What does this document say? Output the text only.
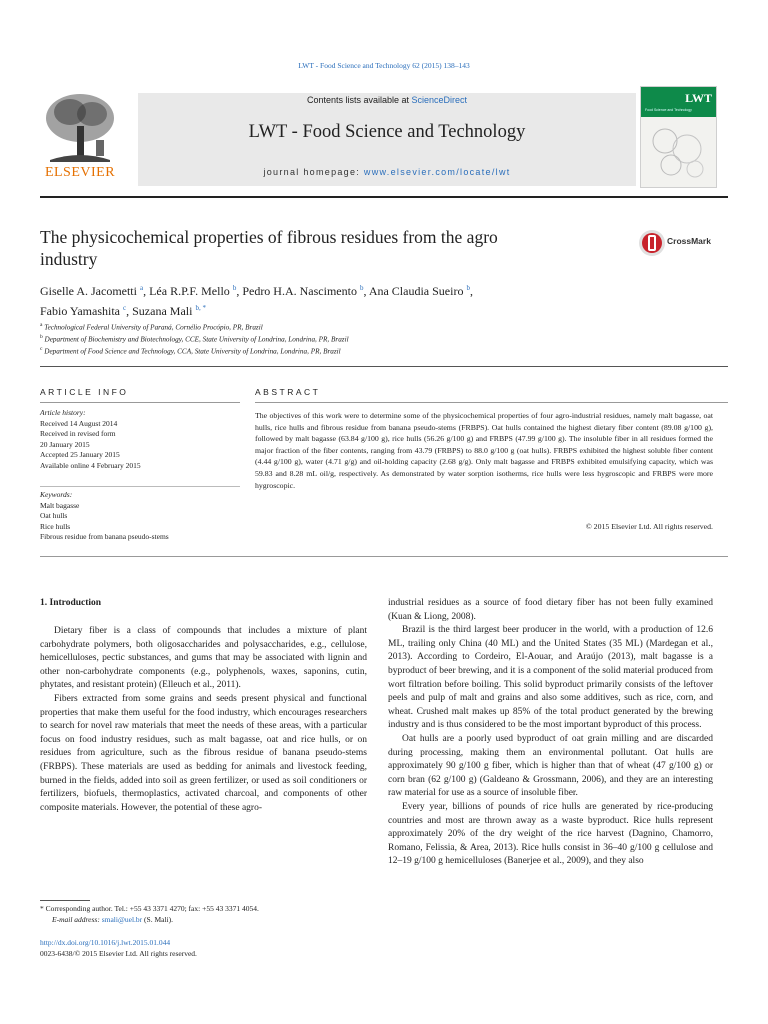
LWT - Food Science and Technology 62 (2015) 138–143
ELSEVIER
Contents lists available at ScienceDirect
LWT - Food Science and Technology
journal homepage: www.elsevier.com/locate/lwt
LWT
Food Science and Technology
The physicochemical properties of fibrous residues from the agro
industry
CrossMark
Giselle A. Jacometti $^a$, Léa R.P.F. Mello $^b$, Pedro H.A. Nascimento $^b$, Ana Claudia Sueiro $^b$,
Fabio Yamashita $^c$, Suzana Mali $^{b, *}$
$^a$ Technological Federal University of Paraná, Cornélio Procópio, PR, Brazil
$^b$ Department of Biochemistry and Biotechnology, CCE, State University of Londrina, Londrina, PR, Brazil
$^c$ Department of Food Science and Technology, CCA, State University of Londrina, Londrina, PR, Brazil
ARTICLE INFO
Article history:
Received 14 August 2014
Received in revised form
20 January 2015
Accepted 25 January 2015
Available online 4 February 2015
Keywords:
Malt bagasse
Oat hulls
Rice hulls
Fibrous residue from banana pseudo-stems
ABSTRACT
The objectives of this work were to determine some of the physicochemical properties of four agro-industrial residues, namely malt bagasse, oat hulls, rice hulls and fibrous residue from banana pseudo-stems (FRBPS). Oat hulls contained the highest dietary fiber content (89.08 g/100 g), followed by malt bagasse (63.84 g/100 g), rice hulls (56.26 g/100 g) and FRBPS (47.99 g/100 g). The insoluble fiber in all residues formed the major fraction of the fiber contents, ranging from 43.79 (FRBPS) to 88.0 g/100 g (oat hulls). FRBPS exhibited the highest soluble fiber content (4.44 g/100 g), water (4.71 g/g) and oil-holding capacity (2.68 g/g). Only malt bagasse and FRBPS exhibited emulsifying capacity, which was 59.83 and 8.28 mL oil/g, respectively. As demonstrated by water sorption isotherms, rice hulls were less hygroscopic and FRBPS were more hygroscopic.
© 2015 Elsevier Ltd. All rights reserved.
1. Introduction

Dietary fiber is a class of compounds that includes a mixture of plant carbohydrate polymers, both oligosaccharides and polysaccharides, e.g., cellulose, hemicelluloses, pectic substances, and gums that may be associated with lignin and other non-carbohydrate components (e.g., polyphenols, waxes, saponins, cutin, phytates, and resistant protein) (Elleuch et al., 2011).

Fibers extracted from some grains and seeds present physical and functional properties that make them useful for the food industry, which encourages researchers to search for novel raw materials that meet the needs of these areas, with a particular focus on food industry residues, such as malt bagasse, oat and rice hulls, or on residues from agriculture, such as the fibrous residue of banana pseudo-stems (FRBPS). These materials are used as bedding for animals and livestock feeding, burned in the fields, added into soil as green fertilizer, or used as soil conditioners or fertilizers, biofuels, thermoplastics, activated charcoal, and components of other composite materials. However, the potential of these agro-

industrial residues as a source of food dietary fiber has not been fully examined (Kuan & Liong, 2008).

Brazil is the third largest beer producer in the world, with a production of 12.6 ML, trailing only China (40 ML) and the United States (35 ML) (Mardegan et al., 2013). According to Cordeiro, El-Aouar, and Araújo (2013), malt bagasse is a byproduct of beer brewing, and it is a component of the solid material produced from wort filtration before boiling. This solid byproduct primarily consists of the leftover peels and pulp of malt and grains and also some additives, such as rice, corn, and wheat. Crushed malt makes up 85% of the total product generated by the brewing industry and is thus considered to be the most important byproduct of this process.

Oat hulls are a poorly used byproduct of oat grain milling and are discarded during processing, making them an environmental pollutant. Oat hulls are approximately 90 g/100 g fiber, which is higher than that of wheat (47 g/100 g) or corn bran (62 g/100 g) (Galdeano & Grossmann, 2006), and they are an interesting raw material for use as a source of insoluble fiber.

Every year, billions of pounds of rice hulls are generated by rice-producing countries and most are thrown away as a waste byproduct. Rice hulls represent approximately 20% of the dry weight of the rice harvest (Dagnino, Chamorro, Romano, Felissia, & Area, 2013). Rice hulls consist in 36–40 g/100 g cellulose and 12–19 g/100 g hemicelluloses (Banerjee et al., 2009), and they also

* Corresponding author. Tel.: +55 43 3371 4270; fax: +55 43 3371 4054.
E-mail address: smali@uel.br (S. Mali).
http://dx.doi.org/10.1016/j.lwt.2015.01.044
0023-6438/© 2015 Elsevier Ltd. All rights reserved.
